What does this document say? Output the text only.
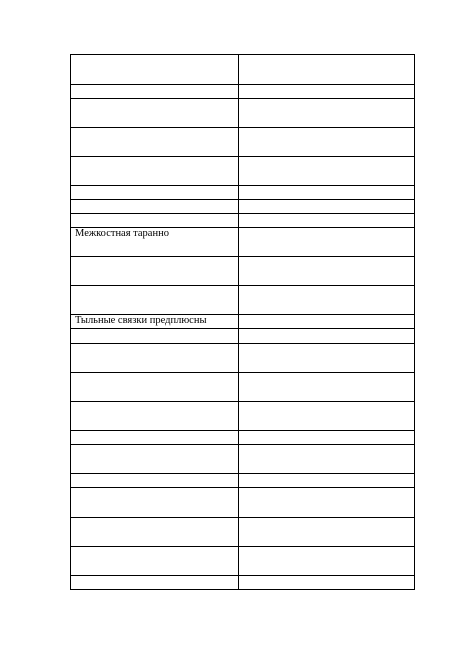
Межкостная таранно	

Тыльные связки предплюсны	
